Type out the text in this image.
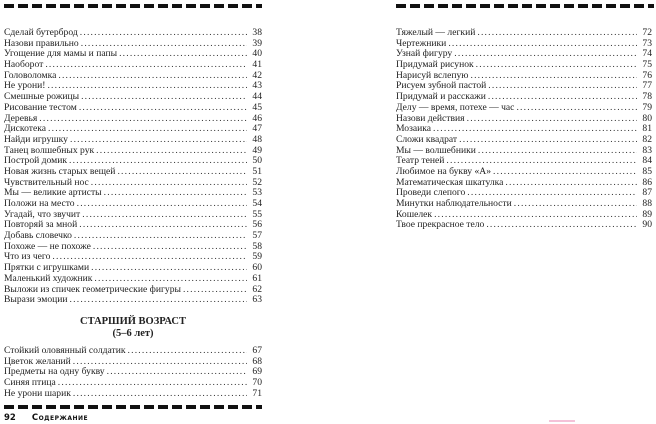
Сделай бутерброд .....	38
Назови правильно .....	39
Угощение для мамы и папы .....	40
Наоборот .....	41
Головоломка .....	42
Не урони! .....	43
Смешные рожицы .....	44
Рисование тестом .....	45
Деревья .....	46
Дискотека .....	47
Найди игрушку .....	48
Танец волшебных рук .....	49
Построй домик .....	50
Новая жизнь старых вещей .....	51
Чувствительный нос .....	52
Мы — великие артисты .....	53
Положи на место .....	54
Угадай, что звучит .....	55
Повторяй за мной .....	56
Добавь словечко .....	57
Похоже — не похоже .....	58
Что из чего .....	59
Прятки с игрушками .....	60
Маленький художник .....	61
Выложи из спичек геометрические фигуры .....	62
Вырази эмоции .....	63
СТАРШИЙ ВОЗРАСТ
(5–6 лет)
Стойкий оловянный солдатик .....	67
Цветок желаний .....	68
Предметы на одну букву .....	69
Синяя птица .....	70
Не урони шарик .....	71
92 Содержание
Тяжелый — легкий .....	72
Чертежники .....	73
Узнай фигуру .....	74
Придумай рисунок .....	75
Нарисуй вслепую .....	76
Рисуем зубной пастой .....	77
Придумай и расскажи .....	78
Делу — время, потехе — час .....	79
Назови действия .....	80
Мозаика .....	81
Сложи квадрат .....	82
Мы — волшебники .....	83
Театр теней .....	84
Любимое на букву «А» .....	85
Математическая шкатулка .....	86
Проведи слепого .....	87
Минутки наблюдательности .....	88
Кошелек .....	89
Твое прекрасное тело .....	90
